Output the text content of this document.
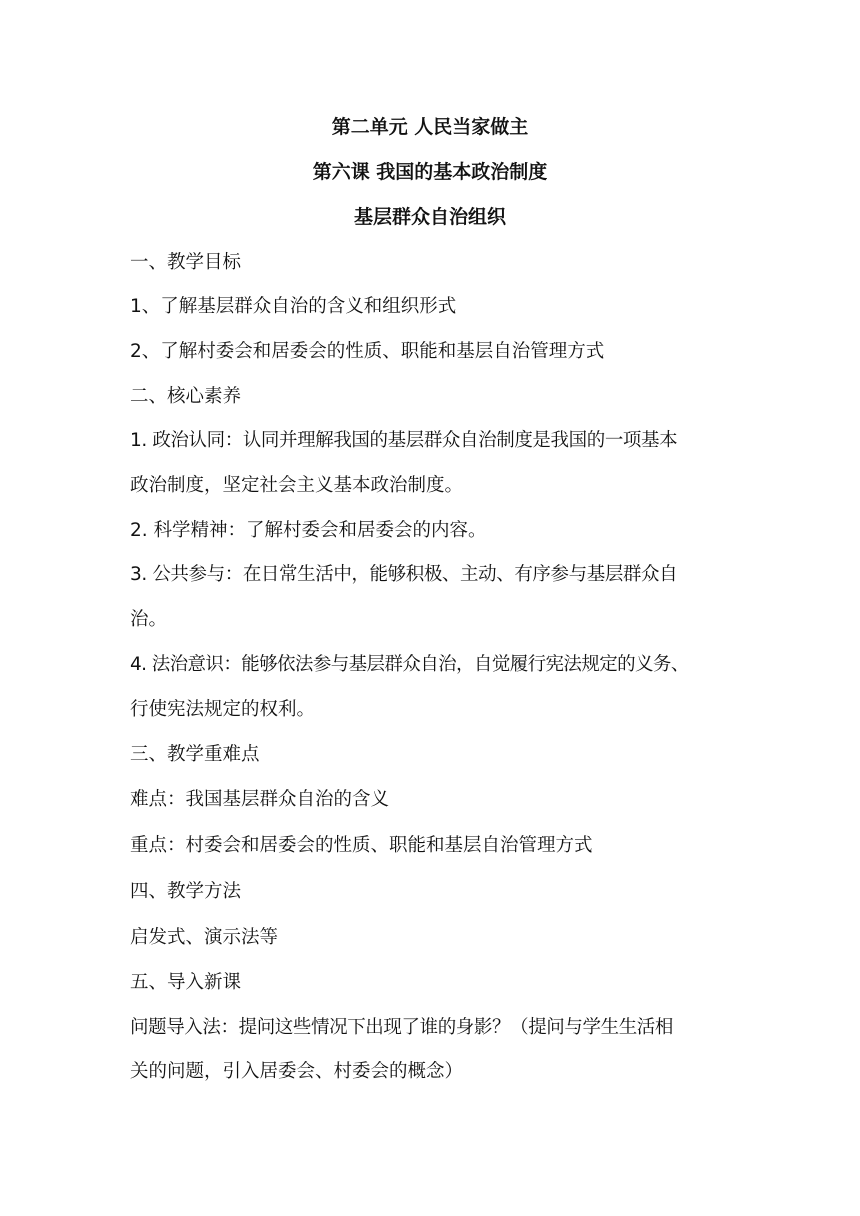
第二单元 人民当家做主
第六课 我国的基本政治制度
基层群众自治组织
一、教学目标
1、了解基层群众自治的含义和组织形式
2、了解村委会和居委会的性质、职能和基层自治管理方式
二、核心素养
1. 政治认同：认同并理解我国的基层群众自治制度是我国的一项基本
政治制度，坚定社会主义基本政治制度。
2. 科学精神：了解村委会和居委会的内容。
3. 公共参与：在日常生活中，能够积极、主动、有序参与基层群众自
治。
4. 法治意识：能够依法参与基层群众自治，自觉履行宪法规定的义务、
行使宪法规定的权利。
三、教学重难点
难点：我国基层群众自治的含义
重点：村委会和居委会的性质、职能和基层自治管理方式
四、教学方法
启发式、演示法等
五、导入新课
问题导入法：提问这些情况下出现了谁的身影？（提问与学生生活相
关的问题，引入居委会、村委会的概念）
